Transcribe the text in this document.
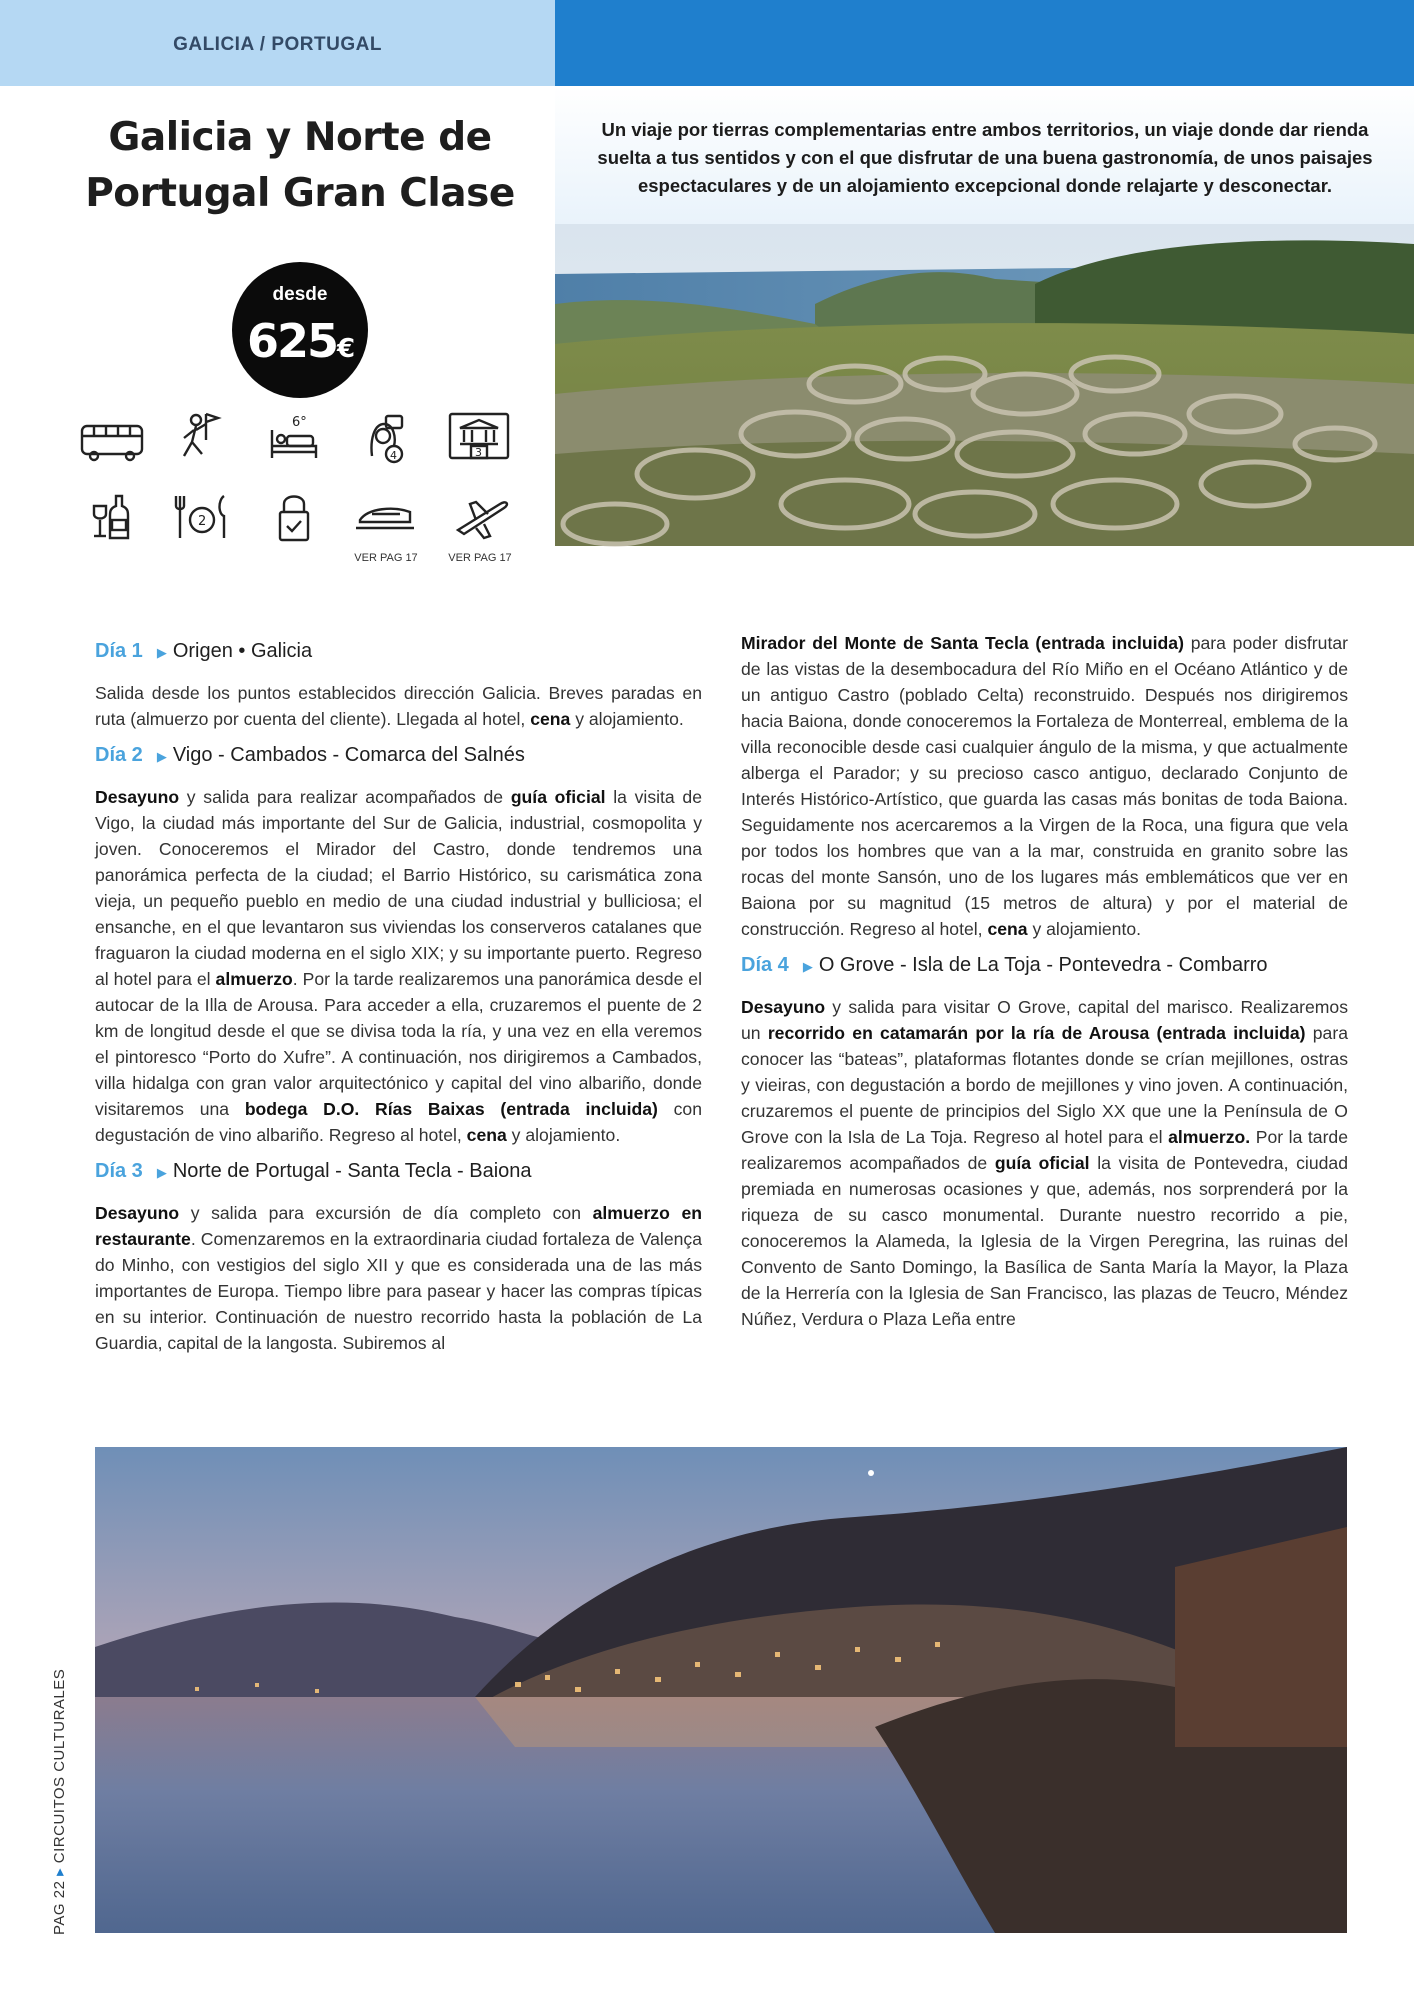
GALICIA / PORTUGAL
Galicia y Norte de
Portugal Gran Clase
desde
625€
6°
4	3
2
VER PAG 17	VER PAG 17

Un viaje por tierras complementarias entre ambos territorios, un viaje donde dar rienda suelta a tus sentidos y con el que disfrutar de una buena gastronomía, de unos paisajes espectaculares y de un alojamiento excepcional donde relajarte y desconectar.

Día 1 ▶ Origen • Galicia
Salida desde los puntos establecidos dirección Galicia. Breves paradas en ruta (almuerzo por cuenta del cliente). Llegada al hotel, cena y alojamiento.
Día 2 ▶ Vigo - Cambados - Comarca del Salnés
Desayuno y salida para realizar acompañados de guía oficial la visita de Vigo, la ciudad más importante del Sur de Galicia, industrial, cosmopolita y joven. Conoceremos el Mirador del Castro, donde tendremos una panorámica perfecta de la ciudad; el Barrio Histórico, su carismática zona vieja, un pequeño pueblo en medio de una ciudad industrial y bulliciosa; el ensanche, en el que levantaron sus viviendas los conserveros catalanes que fraguaron la ciudad moderna en el siglo XIX; y su importante puerto. Regreso al hotel para el almuerzo. Por la tarde realizaremos una panorámica desde el autocar de la Illa de Arousa. Para acceder a ella, cruzaremos el puente de 2 km de longitud desde el que se divisa toda la ría, y una vez en ella veremos el pintoresco “Porto do Xufre”. A continuación, nos dirigiremos a Cambados, villa hidalga con gran valor arquitectónico y capital del vino albariño, donde visitaremos una bodega D.O. Rías Baixas (entrada incluida) con degustación de vino albariño. Regreso al hotel, cena y alojamiento.
Día 3 ▶ Norte de Portugal - Santa Tecla - Baiona
Desayuno y salida para excursión de día completo con almuerzo en restaurante. Comenzaremos en la extraordinaria ciudad fortaleza de Valença do Minho, con vestigios del siglo XII y que es considerada una de las más importantes de Europa. Tiempo libre para pasear y hacer las compras típicas en su interior. Continuación de nuestro recorrido hasta la población de La Guardia, capital de la langosta. Subiremos al
Mirador del Monte de Santa Tecla (entrada incluida) para poder disfrutar de las vistas de la desembocadura del Río Miño en el Océano Atlántico y de un antiguo Castro (poblado Celta) reconstruido. Después nos dirigiremos hacia Baiona, donde conoceremos la Fortaleza de Monterreal, emblema de la villa reconocible desde casi cualquier ángulo de la misma, y que actualmente alberga el Parador; y su precioso casco antiguo, declarado Conjunto de Interés Histórico-Artístico, que guarda las casas más bonitas de toda Baiona. Seguidamente nos acercaremos a la Virgen de la Roca, una figura que vela por todos los hombres que van a la mar, construida en granito sobre las rocas del monte Sansón, uno de los lugares más emblemáticos que ver en Baiona por su magnitud (15 metros de altura) y por el material de construcción. Regreso al hotel, cena y alojamiento.
Día 4 ▶ O Grove - Isla de La Toja - Pontevedra - Combarro
Desayuno y salida para visitar O Grove, capital del marisco. Realizaremos un recorrido en catamarán por la ría de Arousa (entrada incluida) para conocer las “bateas”, plataformas flotantes donde se crían mejillones, ostras y vieiras, con degustación a bordo de mejillones y vino joven. A continuación, cruzaremos el puente de principios del Siglo XX que une la Península de O Grove con la Isla de La Toja. Regreso al hotel para el almuerzo. Por la tarde realizaremos acompañados de guía oficial la visita de Pontevedra, ciudad premiada en numerosas ocasiones y que, además, nos sorprenderá por la riqueza de su casco monumental. Durante nuestro recorrido a pie, conoceremos la Alameda, la Iglesia de la Virgen Peregrina, las ruinas del Convento de Santo Domingo, la Basílica de Santa María la Mayor, la Plaza de la Herrería con la Iglesia de San Francisco, las plazas de Teucro, Méndez Núñez, Verdura o Plaza Leña entre
PAG 22 ▸ CIRCUITOS CULTURALES
